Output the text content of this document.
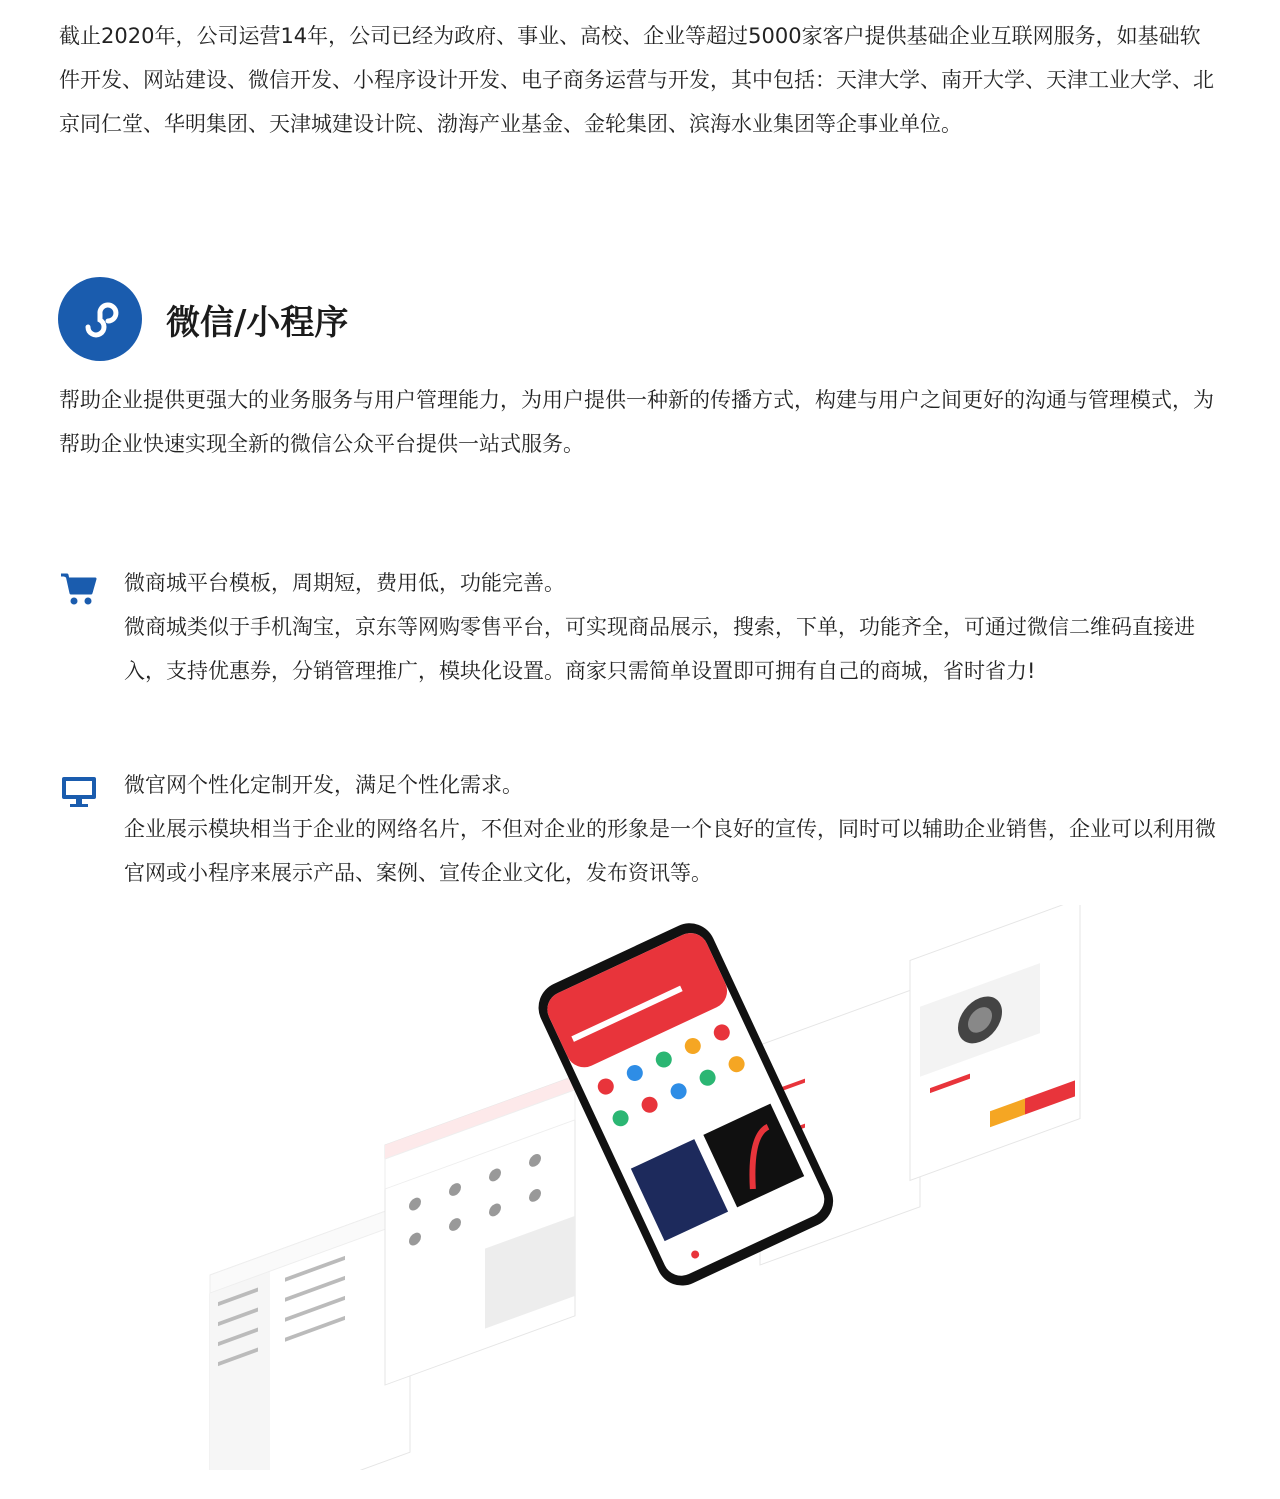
截止2020年，公司运营14年，公司已经为政府、事业、高校、企业等超过5000家客户提供基础企业互联网服务，如基础软件开发、网站建设、微信开发、小程序设计开发、电子商务运营与开发，其中包括：天津大学、南开大学、天津工业大学、北京同仁堂、华明集团、天津城建设计院、渤海产业基金、金轮集团、滨海水业集团等企事业单位。
微信/小程序
帮助企业提供更强大的业务服务与用户管理能力，为用户提供一种新的传播方式，构建与用户之间更好的沟通与管理模式，为帮助企业快速实现全新的微信公众平台提供一站式服务。
微商城平台模板，周期短，费用低，功能完善。
微商城类似于手机淘宝，京东等网购零售平台，可实现商品展示，搜索，下单，功能齐全，可通过微信二维码直接进入，支持优惠券，分销管理推广，模块化设置。商家只需简单设置即可拥有自己的商城，省时省力!
微官网个性化定制开发，满足个性化需求。
企业展示模块相当于企业的网络名片，不但对企业的形象是一个良好的宣传，同时可以辅助企业销售，企业可以利用微官网或小程序来展示产品、案例、宣传企业文化，发布资讯等。
